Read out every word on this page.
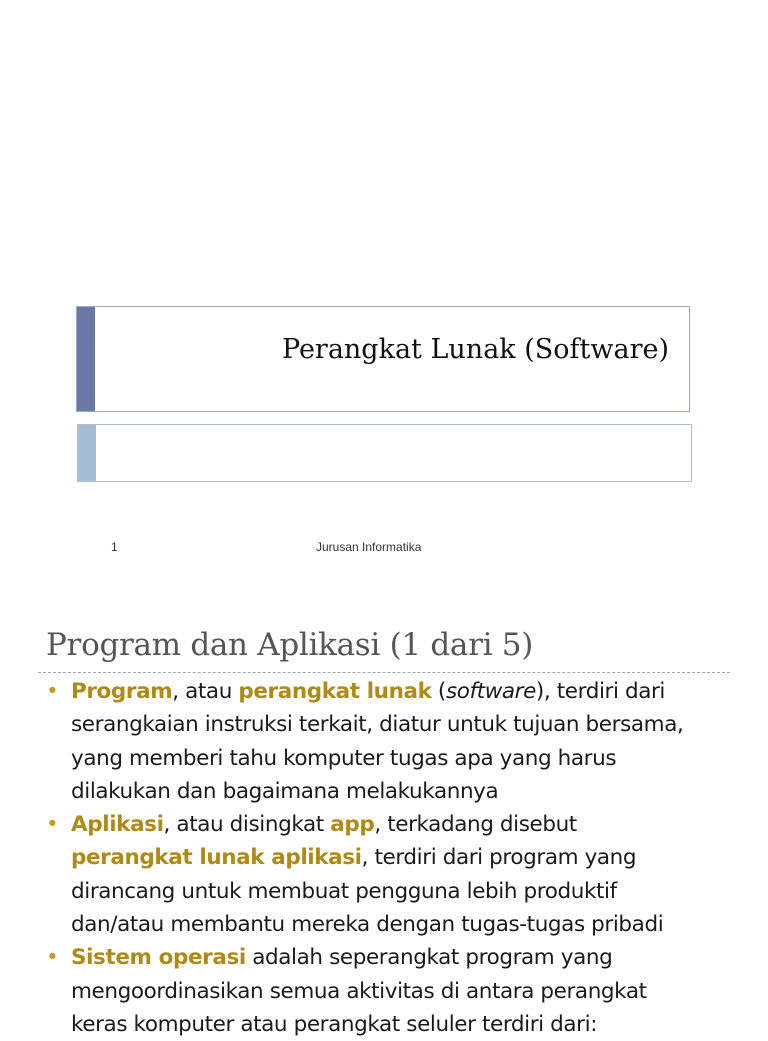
Perangkat Lunak (Software)
1	Jurusan Informatika
Program dan Aplikasi (1 dari 5)
• Program, atau perangkat lunak (software), terdiri dari
serangkaian instruksi terkait, diatur untuk tujuan bersama,
yang memberi tahu komputer tugas apa yang harus
dilakukan dan bagaimana melakukannya
• Aplikasi, atau disingkat app, terkadang disebut
perangkat lunak aplikasi, terdiri dari program yang
dirancang untuk membuat pengguna lebih produktif
dan/atau membantu mereka dengan tugas-tugas pribadi
• Sistem operasi adalah seperangkat program yang
mengoordinasikan semua aktivitas di antara perangkat
keras komputer atau perangkat seluler terdiri dari:
